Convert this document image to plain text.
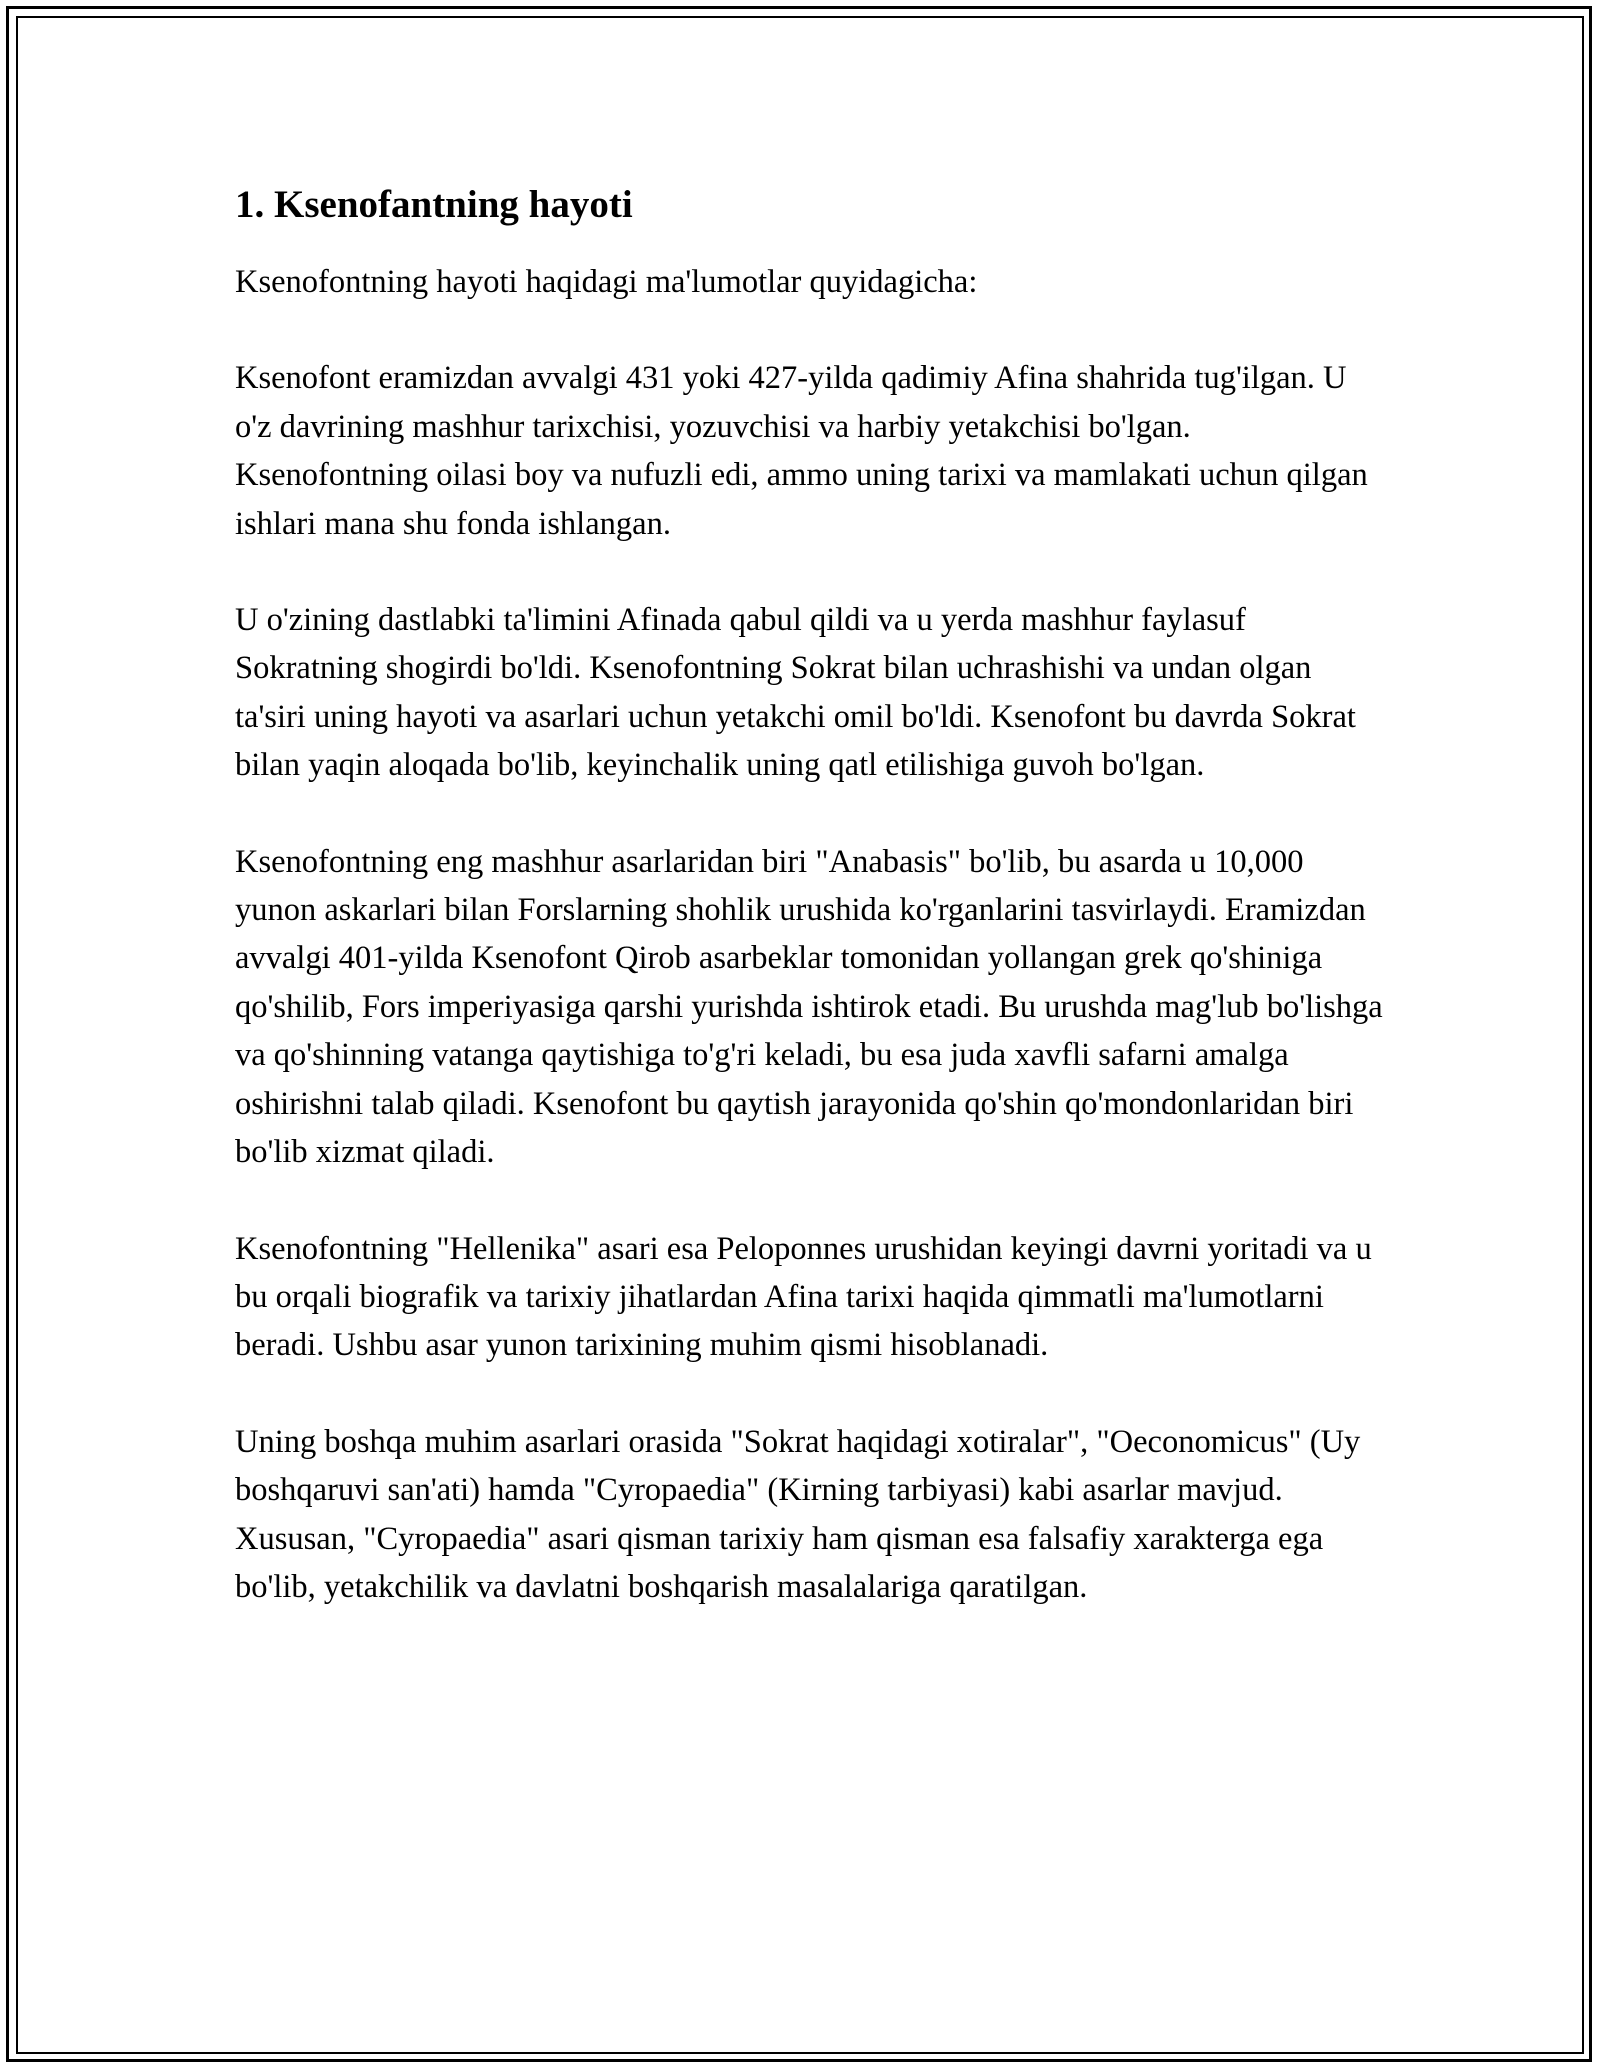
1. Ksenofantning hayoti

Ksenofontning hayoti haqidagi ma'lumotlar quyidagicha:

Ksenofont eramizdan avvalgi 431 yoki 427-yilda qadimiy Afina shahrida tug'ilgan. U o'z davrining mashhur tarixchisi, yozuvchisi va harbiy yetakchisi bo'lgan. Ksenofontning oilasi boy va nufuzli edi, ammo uning tarixi va mamlakati uchun qilgan ishlari mana shu fonda ishlangan.

U o'zining dastlabki ta'limini Afinada qabul qildi va u yerda mashhur faylasuf Sokratning shogirdi bo'ldi. Ksenofontning Sokrat bilan uchrashishi va undan olgan ta'siri uning hayoti va asarlari uchun yetakchi omil bo'ldi. Ksenofont bu davrda Sokrat bilan yaqin aloqada bo'lib, keyinchalik uning qatl etilishiga guvoh bo'lgan.

Ksenofontning eng mashhur asarlaridan biri "Anabasis" bo'lib, bu asarda u 10,000 yunon askarlari bilan Forslarning shohlik urushida ko'rganlarini tasvirlaydi. Eramizdan avvalgi 401-yilda Ksenofont Qirob asarbeklar tomonidan yollangan grek qo'shiniga qo'shilib, Fors imperiyasiga qarshi yurishda ishtirok etadi. Bu urushda mag'lub bo'lishga va qo'shinning vatanga qaytishiga to'g'ri keladi, bu esa juda xavfli safarni amalga oshirishni talab qiladi. Ksenofont bu qaytish jarayonida qo'shin qo'mondonlaridan biri bo'lib xizmat qiladi.

Ksenofontning "Hellenika" asari esa Peloponnes urushidan keyingi davrni yoritadi va u bu orqali biografik va tarixiy jihatlardan Afina tarixi haqida qimmatli ma'lumotlarni beradi. Ushbu asar yunon tarixining muhim qismi hisoblanadi.

Uning boshqa muhim asarlari orasida "Sokrat haqidagi xotiralar", "Oeconomicus" (Uy boshqaruvi san'ati) hamda "Cyropaedia" (Kirning tarbiyasi) kabi asarlar mavjud. Xususan, "Cyropaedia" asari qisman tarixiy ham qisman esa falsafiy xarakterga ega bo'lib, yetakchilik va davlatni boshqarish masalalariga qaratilgan.
